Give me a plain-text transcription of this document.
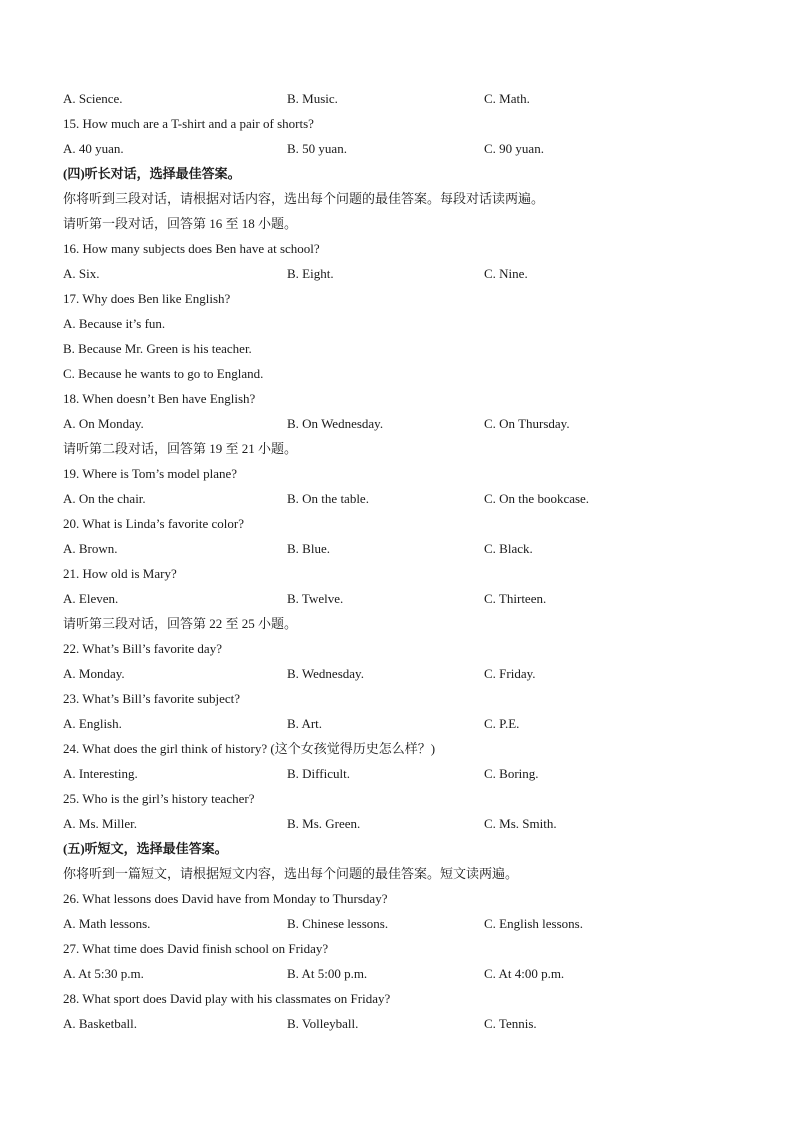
A. Science.	B. Music.	C. Math.
15. How much are a T-shirt and a pair of shorts?
A. 40 yuan.	B. 50 yuan.	C. 90 yuan.
(四)听长对话，选择最佳答案。
你将听到三段对话，请根据对话内容，选出每个问题的最佳答案。每段对话读两遍。
请听第一段对话，回答第 16 至 18 小题。
16. How many subjects does Ben have at school?
A. Six.	B. Eight.	C. Nine.
17. Why does Ben like English?
A. Because it’s fun.
B. Because Mr. Green is his teacher.
C. Because he wants to go to England.
18. When doesn’t Ben have English?
A. On Monday.	B. On Wednesday.	C. On Thursday.
请听第二段对话，回答第 19 至 21 小题。
19. Where is Tom’s model plane?
A. On the chair.	B. On the table.	C. On the bookcase.
20. What is Linda’s favorite color?
A. Brown.	B. Blue.	C. Black.
21. How old is Mary?
A. Eleven.	B. Twelve.	C. Thirteen.
请听第三段对话，回答第 22 至 25 小题。
22. What’s Bill’s favorite day?
A. Monday.	B. Wednesday.	C. Friday.
23. What’s Bill’s favorite subject?
A. English.	B. Art.	C. P.E.
24. What does the girl think of history? (这个女孩觉得历史怎么样？)
A. Interesting.	B. Difficult.	C. Boring.
25. Who is the girl’s history teacher?
A. Ms. Miller.	B. Ms. Green.	C. Ms. Smith.
(五)听短文，选择最佳答案。
你将听到一篇短文，请根据短文内容，选出每个问题的最佳答案。短文读两遍。
26. What lessons does David have from Monday to Thursday?
A. Math lessons.	B. Chinese lessons.	C. English lessons.
27. What time does David finish school on Friday?
A. At 5:30 p.m.	B. At 5:00 p.m.	C. At 4:00 p.m.
28. What sport does David play with his classmates on Friday?
A. Basketball.	B. Volleyball.	C. Tennis.
